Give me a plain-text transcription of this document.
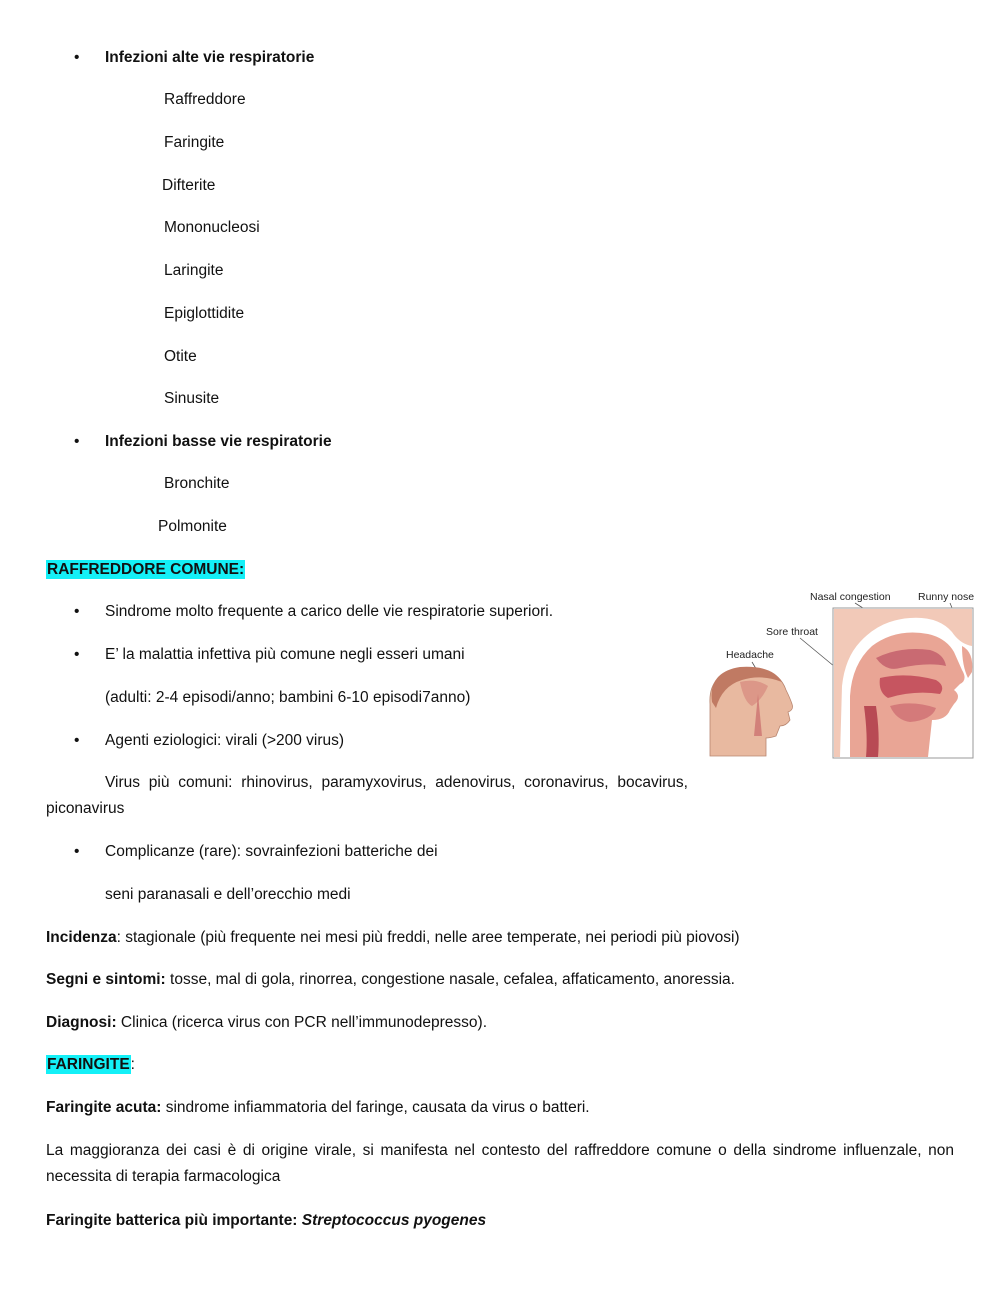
• Infezioni alte vie respiratorie
Raffreddore
Faringite
Difterite
Mononucleosi
Laringite
Epiglottidite
Otite
Sinusite
• Infezioni basse vie respiratorie
Bronchite
Polmonite
RAFFREDDORE COMUNE:
• Sindrome molto frequente a carico delle vie respiratorie superiori.
• E’ la malattia infettiva più comune negli esseri umani
(adulti: 2-4 episodi/anno; bambini 6-10 episodi7anno)
• Agenti eziologici: virali (>200 virus)
Virus più comuni: rhinovirus, paramyxovirus, adenovirus, coronavirus, bocavirus, piconavirus
• Complicanze (rare): sovrainfezioni batteriche dei
seni paranasali e dell’orecchio medi
Incidenza: stagionale (più frequente nei mesi più freddi, nelle aree temperate, nei periodi più piovosi)
Segni e sintomi: tosse, mal di gola, rinorrea, congestione nasale, cefalea, affaticamento, anoressia.
Diagnosi: Clinica (ricerca virus con PCR nell’immunodepresso).
Nasal congestion	Runny nose
Sore throat
Headache
FARINGITE:
Faringite acuta: sindrome infiammatoria del faringe, causata da virus o batteri.
La maggioranza dei casi è di origine virale, si manifesta nel contesto del raffreddore comune o della sindrome influenzale, non necessita di terapia farmacologica
Faringite batterica più importante: Streptococcus pyogenes
